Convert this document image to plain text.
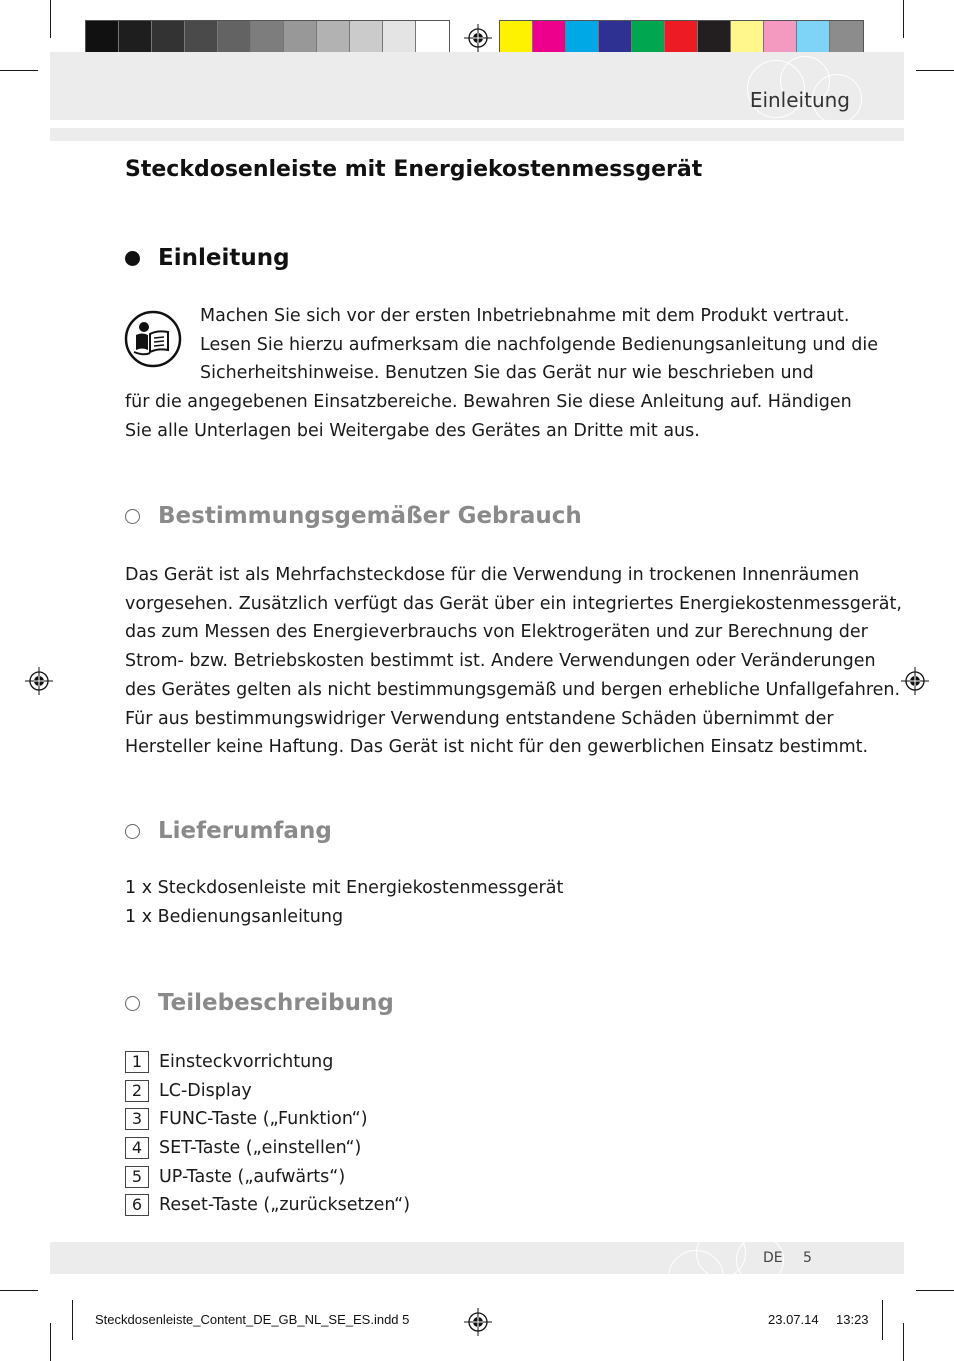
Einleitung
Steckdosenleiste mit Energiekostenmessgerät
Einleitung
Machen Sie sich vor der ersten Inbetriebnahme mit dem Produkt vertraut.
Lesen Sie hierzu aufmerksam die nachfolgende Bedienungsanleitung und die
Sicherheitshinweise. Benutzen Sie das Gerät nur wie beschrieben und
für die angegebenen Einsatzbereiche. Bewahren Sie diese Anleitung auf. Händigen
Sie alle Unterlagen bei Weitergabe des Gerätes an Dritte mit aus.
Bestimmungsgemäßer Gebrauch
Das Gerät ist als Mehrfachsteckdose für die Verwendung in trockenen Innenräumen
vorgesehen. Zusätzlich verfügt das Gerät über ein integriertes Energiekostenmessgerät,
das zum Messen des Energieverbrauchs von Elektrogeräten und zur Berechnung der
Strom- bzw. Betriebskosten bestimmt ist. Andere Verwendungen oder Veränderungen
des Gerätes gelten als nicht bestimmungsgemäß und bergen erhebliche Unfallgefahren.
Für aus bestimmungswidriger Verwendung entstandene Schäden übernimmt der
Hersteller keine Haftung. Das Gerät ist nicht für den gewerblichen Einsatz bestimmt.
Lieferumfang
1 x Steckdosenleiste mit Energiekostenmessgerät
1 x Bedienungsanleitung
Teilebeschreibung
1 Einsteckvorrichtung
2 LC-Display
3 FUNC-Taste („Funktion“)
4 SET-Taste („einstellen“)
5 UP-Taste („aufwärts“)
6 Reset-Taste („zurücksetzen“)
DE 5
Steckdosenleiste_Content_DE_GB_NL_SE_ES.indd 5	23.07.14 13:23
